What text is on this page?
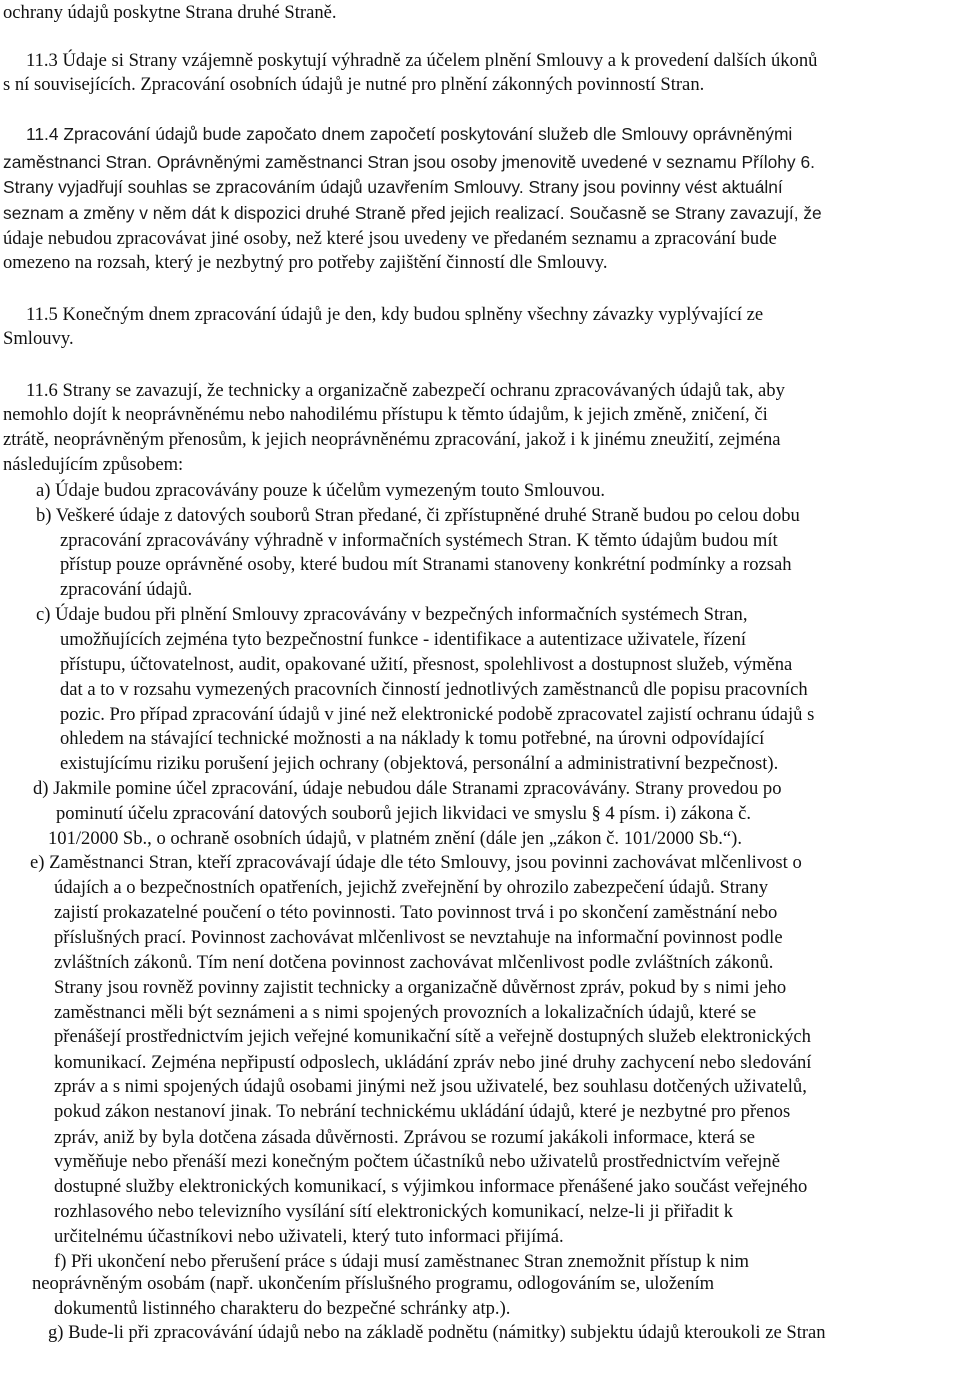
ochrany údajů poskytne Strana druhé Straně.
11.3 Údaje si Strany vzájemně poskytují výhradně za účelem plnění Smlouvy a k provedení dalších úkonů
s ní souvisejících. Zpracování osobních údajů je nutné pro plnění zákonných povinností Stran.
11.4 Zpracování údajů bude započato dnem započetí poskytování služeb dle Smlouvy oprávněnými
zaměstnanci Stran. Oprávněnými zaměstnanci Stran jsou osoby jmenovitě uvedené v seznamu Přílohy 6.
Strany vyjadřují souhlas se zpracováním údajů uzavřením Smlouvy. Strany jsou povinny vést aktuální
seznam a změny v něm dát k dispozici druhé Straně před jejich realizací. Současně se Strany zavazují, že
údaje nebudou zpracovávat jiné osoby, než které jsou uvedeny ve předaném seznamu a zpracování bude
omezeno na rozsah, který je nezbytný pro potřeby zajištění činností dle Smlouvy.
11.5 Konečným dnem zpracování údajů je den, kdy budou splněny všechny závazky vyplývající ze
Smlouvy.
11.6 Strany se zavazují, že technicky a organizačně zabezpečí ochranu zpracovávaných údajů tak, aby
nemohlo dojít k neoprávněnému nebo nahodilému přístupu k těmto údajům, k jejich změně, zničení, či
ztrátě, neoprávněným přenosům, k jejich neoprávněnému zpracování, jakož i k jinému zneužití, zejména
následujícím způsobem:
a) Údaje budou zpracovávány pouze k účelům vymezeným touto Smlouvou.
b) Veškeré údaje z datových souborů Stran předané, či zpřístupněné druhé Straně budou po celou dobu
zpracování zpracovávány výhradně v informačních systémech Stran. K těmto údajům budou mít
přístup pouze oprávněné osoby, které budou mít Stranami stanoveny konkrétní podmínky a rozsah
zpracování údajů.
c) Údaje budou při plnění Smlouvy zpracovávány v bezpečných informačních systémech Stran,
umožňujících zejména tyto bezpečnostní funkce - identifikace a autentizace uživatele, řízení
přístupu, účtovatelnost, audit, opakované užití, přesnost, spolehlivost a dostupnost služeb, výměna
dat a to v rozsahu vymezených pracovních činností jednotlivých zaměstnanců dle popisu pracovních
pozic. Pro případ zpracování údajů v jiné než elektronické podobě zpracovatel zajistí ochranu údajů s
ohledem na stávající technické možnosti a na náklady k tomu potřebné, na úrovni odpovídající
existujícímu riziku porušení jejich ochrany (objektová, personální a administrativní bezpečnost).
d) Jakmile pomine účel zpracování, údaje nebudou dále Stranami zpracovávány. Strany provedou po
pominutí účelu zpracování datových souborů jejich likvidaci ve smyslu § 4 písm. i) zákona č.
101/2000 Sb., o ochraně osobních údajů, v platném znění (dále jen „zákon č. 101/2000 Sb.“).
e) Zaměstnanci Stran, kteří zpracovávají údaje dle této Smlouvy, jsou povinni zachovávat mlčenlivost o
údajích a o bezpečnostních opatřeních, jejichž zveřejnění by ohrozilo zabezpečení údajů. Strany
zajistí prokazatelné poučení o této povinnosti. Tato povinnost trvá i po skončení zaměstnání nebo
příslušných prací. Povinnost zachovávat mlčenlivost se nevztahuje na informační povinnost podle
zvláštních zákonů. Tím není dotčena povinnost zachovávat mlčenlivost podle zvláštních zákonů.
Strany jsou rovněž povinny zajistit technicky a organizačně důvěrnost zpráv, pokud by s nimi jeho
zaměstnanci měli být seznámeni a s nimi spojených provozních a lokalizačních údajů, které se
přenášejí prostřednictvím jejich veřejné komunikační sítě a veřejně dostupných služeb elektronických
komunikací. Zejména nepřipustí odposlech, ukládání zpráv nebo jiné druhy zachycení nebo sledování
zpráv a s nimi spojených údajů osobami jinými než jsou uživatelé, bez souhlasu dotčených uživatelů,
pokud zákon nestanoví jinak. To nebrání technickému ukládání údajů, které je nezbytné pro přenos
zpráv, aniž by byla dotčena zásada důvěrnosti. Zprávou se rozumí jakákoli informace, která se
vyměňuje nebo přenáší mezi konečným počtem účastníků nebo uživatelů prostřednictvím veřejně
dostupné služby elektronických komunikací, s výjimkou informace přenášené jako součást veřejného
rozhlasového nebo televizního vysílání sítí elektronických komunikací, nelze-li ji přiřadit k
určitelnému účastníkovi nebo uživateli, který tuto informaci přijímá.
f) Při ukončení nebo přerušení práce s údaji musí zaměstnanec Stran znemožnit přístup k nim
neoprávněným osobám (např. ukončením příslušného programu, odlogováním se, uložením
dokumentů listinného charakteru do bezpečné schránky atp.).
g) Bude-li při zpracovávání údajů nebo na základě podnětu (námitky) subjektu údajů kteroukoli ze Stran
